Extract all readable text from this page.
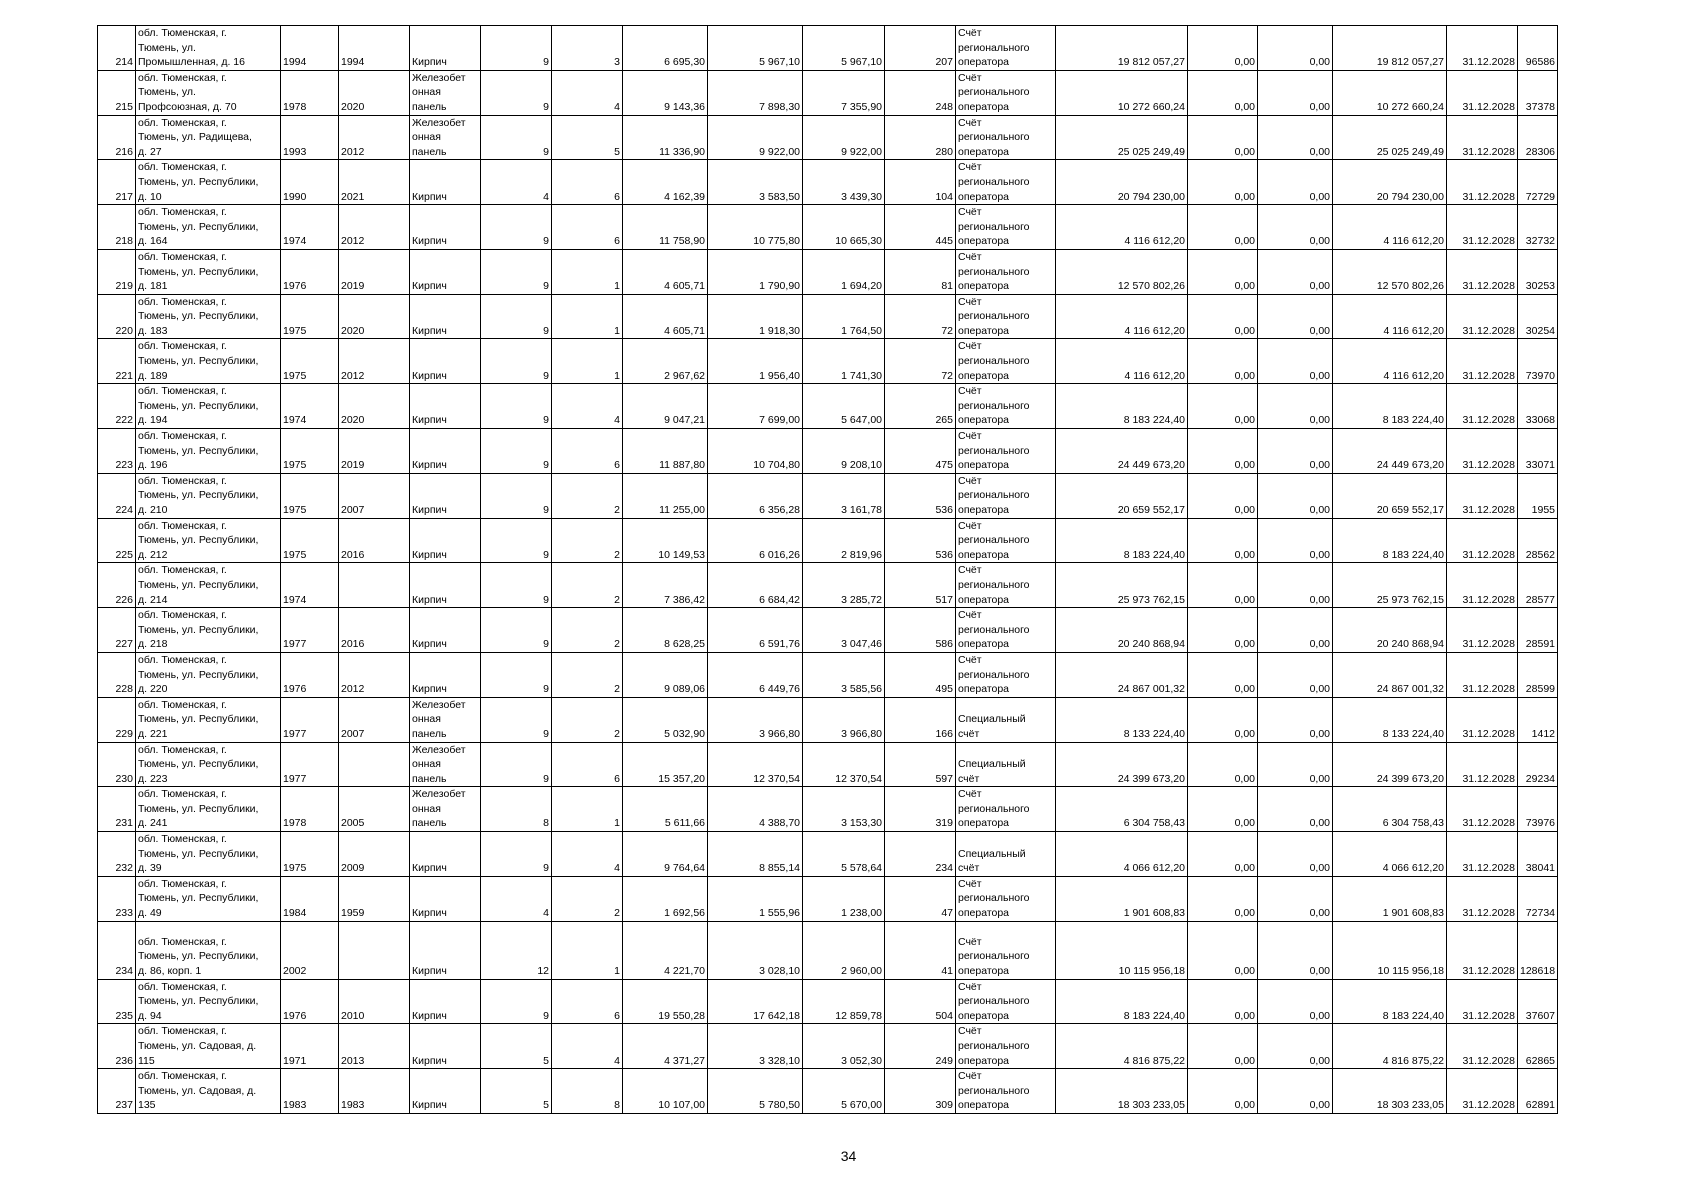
214	обл. Тюменская, г.
Тюмень, ул.
Промышленная, д. 16	1994	1994	Кирпич	9	3	6 695,30	5 967,10	5 967,10	207	Счёт
регионального
оператора	19 812 057,27	0,00	0,00	19 812 057,27	31.12.2028	96586
215	обл. Тюменская, г.
Тюмень, ул.
Профсоюзная, д. 70	1978	2020	Железобет
онная
панель	9	4	9 143,36	7 898,30	7 355,90	248	Счёт
регионального
оператора	10 272 660,24	0,00	0,00	10 272 660,24	31.12.2028	37378
216	обл. Тюменская, г.
Тюмень, ул. Радищева,
д. 27	1993	2012	Железобет
онная
панель	9	5	11 336,90	9 922,00	9 922,00	280	Счёт
регионального
оператора	25 025 249,49	0,00	0,00	25 025 249,49	31.12.2028	28306
217	обл. Тюменская, г.
Тюмень, ул. Республики,
д. 10	1990	2021	Кирпич	4	6	4 162,39	3 583,50	3 439,30	104	Счёт
регионального
оператора	20 794 230,00	0,00	0,00	20 794 230,00	31.12.2028	72729
218	обл. Тюменская, г.
Тюмень, ул. Республики,
д. 164	1974	2012	Кирпич	9	6	11 758,90	10 775,80	10 665,30	445	Счёт
регионального
оператора	4 116 612,20	0,00	0,00	4 116 612,20	31.12.2028	32732
219	обл. Тюменская, г.
Тюмень, ул. Республики,
д. 181	1976	2019	Кирпич	9	1	4 605,71	1 790,90	1 694,20	81	Счёт
регионального
оператора	12 570 802,26	0,00	0,00	12 570 802,26	31.12.2028	30253
220	обл. Тюменская, г.
Тюмень, ул. Республики,
д. 183	1975	2020	Кирпич	9	1	4 605,71	1 918,30	1 764,50	72	Счёт
регионального
оператора	4 116 612,20	0,00	0,00	4 116 612,20	31.12.2028	30254
221	обл. Тюменская, г.
Тюмень, ул. Республики,
д. 189	1975	2012	Кирпич	9	1	2 967,62	1 956,40	1 741,30	72	Счёт
регионального
оператора	4 116 612,20	0,00	0,00	4 116 612,20	31.12.2028	73970
222	обл. Тюменская, г.
Тюмень, ул. Республики,
д. 194	1974	2020	Кирпич	9	4	9 047,21	7 699,00	5 647,00	265	Счёт
регионального
оператора	8 183 224,40	0,00	0,00	8 183 224,40	31.12.2028	33068
223	обл. Тюменская, г.
Тюмень, ул. Республики,
д. 196	1975	2019	Кирпич	9	6	11 887,80	10 704,80	9 208,10	475	Счёт
регионального
оператора	24 449 673,20	0,00	0,00	24 449 673,20	31.12.2028	33071
224	обл. Тюменская, г.
Тюмень, ул. Республики,
д. 210	1975	2007	Кирпич	9	2	11 255,00	6 356,28	3 161,78	536	Счёт
регионального
оператора	20 659 552,17	0,00	0,00	20 659 552,17	31.12.2028	1955
225	обл. Тюменская, г.
Тюмень, ул. Республики,
д. 212	1975	2016	Кирпич	9	2	10 149,53	6 016,26	2 819,96	536	Счёт
регионального
оператора	8 183 224,40	0,00	0,00	8 183 224,40	31.12.2028	28562
226	обл. Тюменская, г.
Тюмень, ул. Республики,
д. 214	1974		Кирпич	9	2	7 386,42	6 684,42	3 285,72	517	Счёт
регионального
оператора	25 973 762,15	0,00	0,00	25 973 762,15	31.12.2028	28577
227	обл. Тюменская, г.
Тюмень, ул. Республики,
д. 218	1977	2016	Кирпич	9	2	8 628,25	6 591,76	3 047,46	586	Счёт
регионального
оператора	20 240 868,94	0,00	0,00	20 240 868,94	31.12.2028	28591
228	обл. Тюменская, г.
Тюмень, ул. Республики,
д. 220	1976	2012	Кирпич	9	2	9 089,06	6 449,76	3 585,56	495	Счёт
регионального
оператора	24 867 001,32	0,00	0,00	24 867 001,32	31.12.2028	28599
229	обл. Тюменская, г.
Тюмень, ул. Республики,
д. 221	1977	2007	Железобет
онная
панель	9	2	5 032,90	3 966,80	3 966,80	166	Специальный
счёт	8 133 224,40	0,00	0,00	8 133 224,40	31.12.2028	1412
230	обл. Тюменская, г.
Тюмень, ул. Республики,
д. 223	1977		Железобет
онная
панель	9	6	15 357,20	12 370,54	12 370,54	597	Специальный
счёт	24 399 673,20	0,00	0,00	24 399 673,20	31.12.2028	29234
231	обл. Тюменская, г.
Тюмень, ул. Республики,
д. 241	1978	2005	Железобет
онная
панель	8	1	5 611,66	4 388,70	3 153,30	319	Счёт
регионального
оператора	6 304 758,43	0,00	0,00	6 304 758,43	31.12.2028	73976
232	обл. Тюменская, г.
Тюмень, ул. Республики,
д. 39	1975	2009	Кирпич	9	4	9 764,64	8 855,14	5 578,64	234	Специальный
счёт	4 066 612,20	0,00	0,00	4 066 612,20	31.12.2028	38041
233	обл. Тюменская, г.
Тюмень, ул. Республики,
д. 49	1984	1959	Кирпич	4	2	1 692,56	1 555,96	1 238,00	47	Счёт
регионального
оператора	1 901 608,83	0,00	0,00	1 901 608,83	31.12.2028	72734
234	обл. Тюменская, г.
Тюмень, ул. Республики,
д. 86, корп. 1	2002		Кирпич	12	1	4 221,70	3 028,10	2 960,00	41	Счёт
регионального
оператора	10 115 956,18	0,00	0,00	10 115 956,18	31.12.2028	128618
235	обл. Тюменская, г.
Тюмень, ул. Республики,
д. 94	1976	2010	Кирпич	9	6	19 550,28	17 642,18	12 859,78	504	Счёт
регионального
оператора	8 183 224,40	0,00	0,00	8 183 224,40	31.12.2028	37607
236	обл. Тюменская, г.
Тюмень, ул. Садовая, д.
115	1971	2013	Кирпич	5	4	4 371,27	3 328,10	3 052,30	249	Счёт
регионального
оператора	4 816 875,22	0,00	0,00	4 816 875,22	31.12.2028	62865
237	обл. Тюменская, г.
Тюмень, ул. Садовая, д.
135	1983	1983	Кирпич	5	8	10 107,00	5 780,50	5 670,00	309	Счёт
регионального
оператора	18 303 233,05	0,00	0,00	18 303 233,05	31.12.2028	62891
34
